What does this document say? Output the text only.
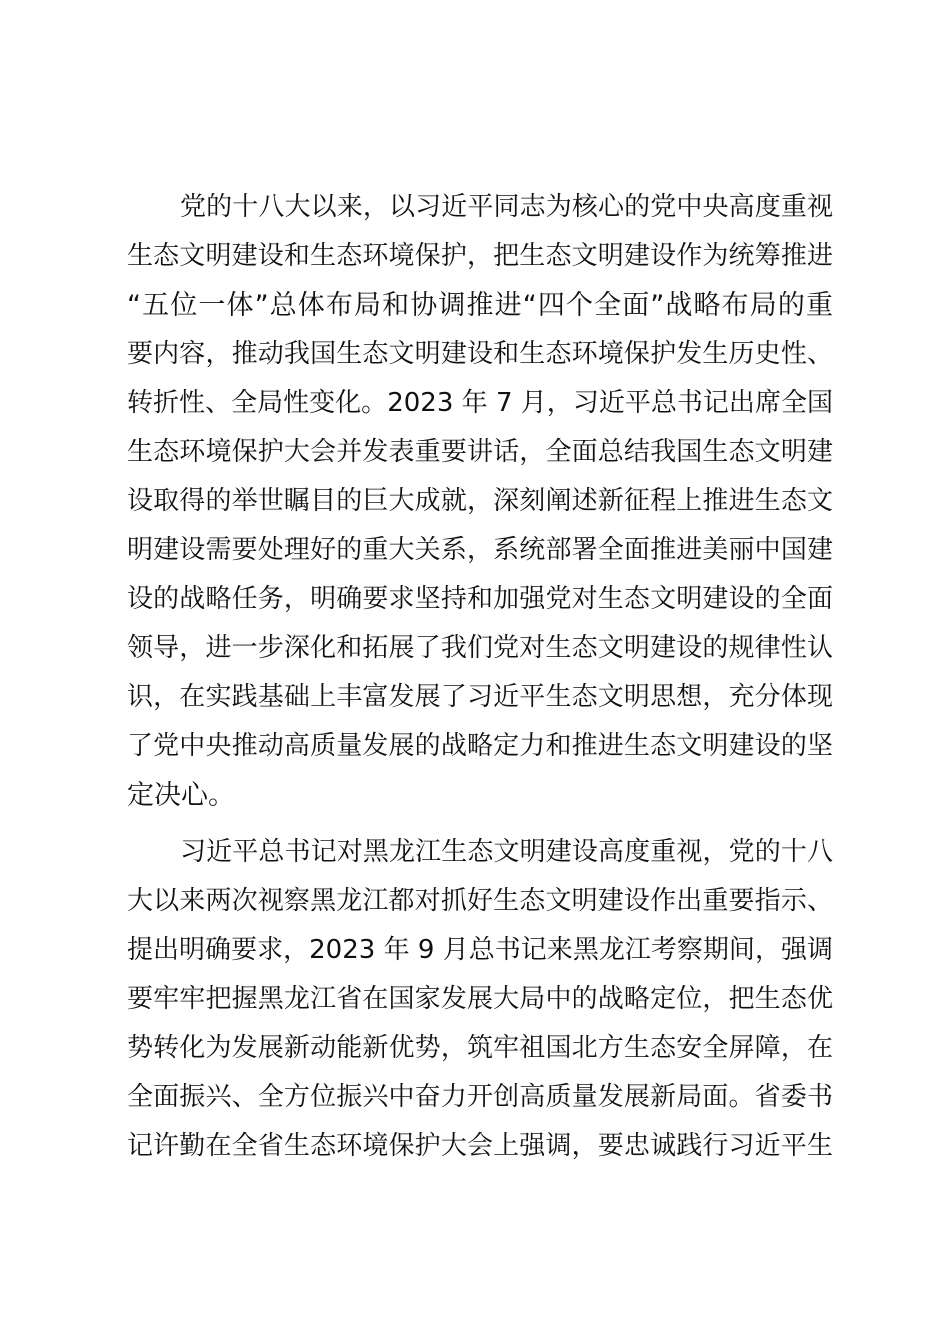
党的十八大以来，以习近平同志为核心的党中央高度重视
生态文明建设和生态环境保护，把生态文明建设作为统筹推进
“五位一体”总体布局和协调推进“四个全面”战略布局的重
要内容，推动我国生态文明建设和生态环境保护发生历史性、
转折性、全局性变化。2023 年 7 月，习近平总书记出席全国
生态环境保护大会并发表重要讲话，全面总结我国生态文明建
设取得的举世瞩目的巨大成就，深刻阐述新征程上推进生态文
明建设需要处理好的重大关系，系统部署全面推进美丽中国建
设的战略任务，明确要求坚持和加强党对生态文明建设的全面
领导，进一步深化和拓展了我们党对生态文明建设的规律性认
识，在实践基础上丰富发展了习近平生态文明思想，充分体现
了党中央推动高质量发展的战略定力和推进生态文明建设的坚
定决心。
习近平总书记对黑龙江生态文明建设高度重视，党的十八
大以来两次视察黑龙江都对抓好生态文明建设作出重要指示、
提出明确要求，2023 年 9 月总书记来黑龙江考察期间，强调
要牢牢把握黑龙江省在国家发展大局中的战略定位，把生态优
势转化为发展新动能新优势，筑牢祖国北方生态安全屏障，在
全面振兴、全方位振兴中奋力开创高质量发展新局面。省委书
记许勤在全省生态环境保护大会上强调，要忠诚践行习近平生
